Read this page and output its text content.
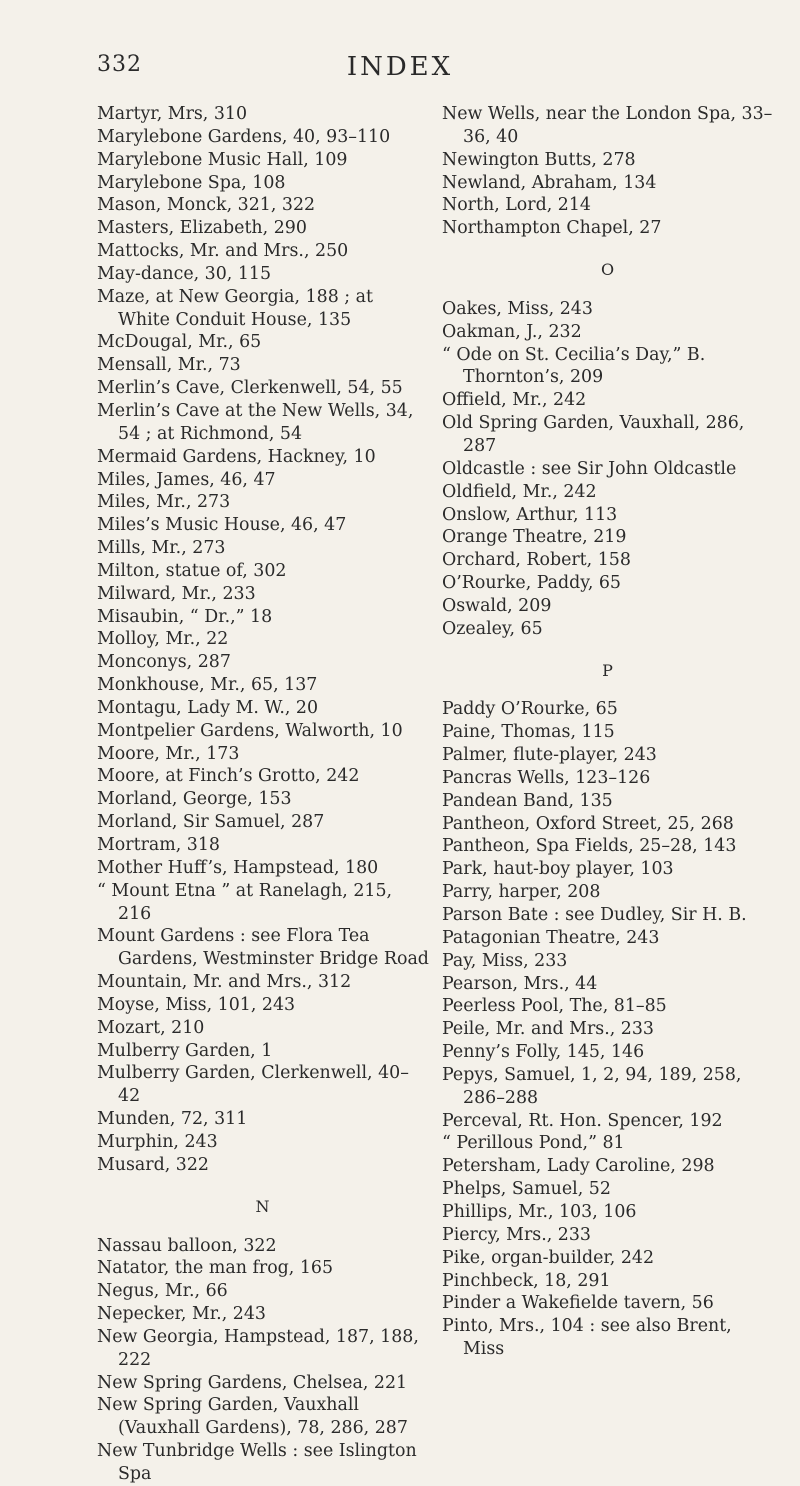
332	INDEX
Martyr, Mrs, 310
Marylebone Gardens, 40, 93–110
Marylebone Music Hall, 109
Marylebone Spa, 108
Mason, Monck, 321, 322
Masters, Elizabeth, 290
Mattocks, Mr. and Mrs., 250
May-dance, 30, 115
Maze, at New Georgia, 188 ; at White Conduit House, 135
McDougal, Mr., 65
Mensall, Mr., 73
Merlin’s Cave, Clerkenwell, 54, 55
Merlin’s Cave at the New Wells, 34, 54 ; at Richmond, 54
Mermaid Gardens, Hackney, 10
Miles, James, 46, 47
Miles, Mr., 273
Miles’s Music House, 46, 47
Mills, Mr., 273
Milton, statue of, 302
Milward, Mr., 233
Misaubin, “ Dr.,” 18
Molloy, Mr., 22
Monconys, 287
Monkhouse, Mr., 65, 137
Montagu, Lady M. W., 20
Montpelier Gardens, Walworth, 10
Moore, Mr., 173
Moore, at Finch’s Grotto, 242
Morland, George, 153
Morland, Sir Samuel, 287
Mortram, 318
Mother Huff’s, Hampstead, 180
“ Mount Etna ” at Ranelagh, 215, 216
Mount Gardens : see Flora Tea Gardens, Westminster Bridge Road
Mountain, Mr. and Mrs., 312
Moyse, Miss, 101, 243
Mozart, 210
Mulberry Garden, 1
Mulberry Garden, Clerkenwell, 40–42
Munden, 72, 311
Murphin, 243
Musard, 322
N
Nassau balloon, 322
Natator, the man frog, 165
Negus, Mr., 66
Nepecker, Mr., 243
New Georgia, Hampstead, 187, 188, 222
New Spring Gardens, Chelsea, 221
New Spring Garden, Vauxhall (Vauxhall Gardens), 78, 286, 287
New Tunbridge Wells : see Islington Spa
New Wells, near the London Spa, 33–36, 40
Newington Butts, 278
Newland, Abraham, 134
North, Lord, 214
Northampton Chapel, 27
O
Oakes, Miss, 243
Oakman, J., 232
“ Ode on St. Cecilia’s Day,” B. Thornton’s, 209
Offield, Mr., 242
Old Spring Garden, Vauxhall, 286, 287
Oldcastle : see Sir John Oldcastle
Oldfield, Mr., 242
Onslow, Arthur, 113
Orange Theatre, 219
Orchard, Robert, 158
O’Rourke, Paddy, 65
Oswald, 209
Ozealey, 65
P
Paddy O’Rourke, 65
Paine, Thomas, 115
Palmer, flute-player, 243
Pancras Wells, 123–126
Pandean Band, 135
Pantheon, Oxford Street, 25, 268
Pantheon, Spa Fields, 25–28, 143
Park, haut-boy player, 103
Parry, harper, 208
Parson Bate : see Dudley, Sir H. B.
Patagonian Theatre, 243
Pay, Miss, 233
Pearson, Mrs., 44
Peerless Pool, The, 81–85
Peile, Mr. and Mrs., 233
Penny’s Folly, 145, 146
Pepys, Samuel, 1, 2, 94, 189, 258, 286–288
Perceval, Rt. Hon. Spencer, 192
“ Perillous Pond,” 81
Petersham, Lady Caroline, 298
Phelps, Samuel, 52
Phillips, Mr., 103, 106
Piercy, Mrs., 233
Pike, organ-builder, 242
Pinchbeck, 18, 291
Pinder a Wakefielde tavern, 56
Pinto, Mrs., 104 : see also Brent, Miss
